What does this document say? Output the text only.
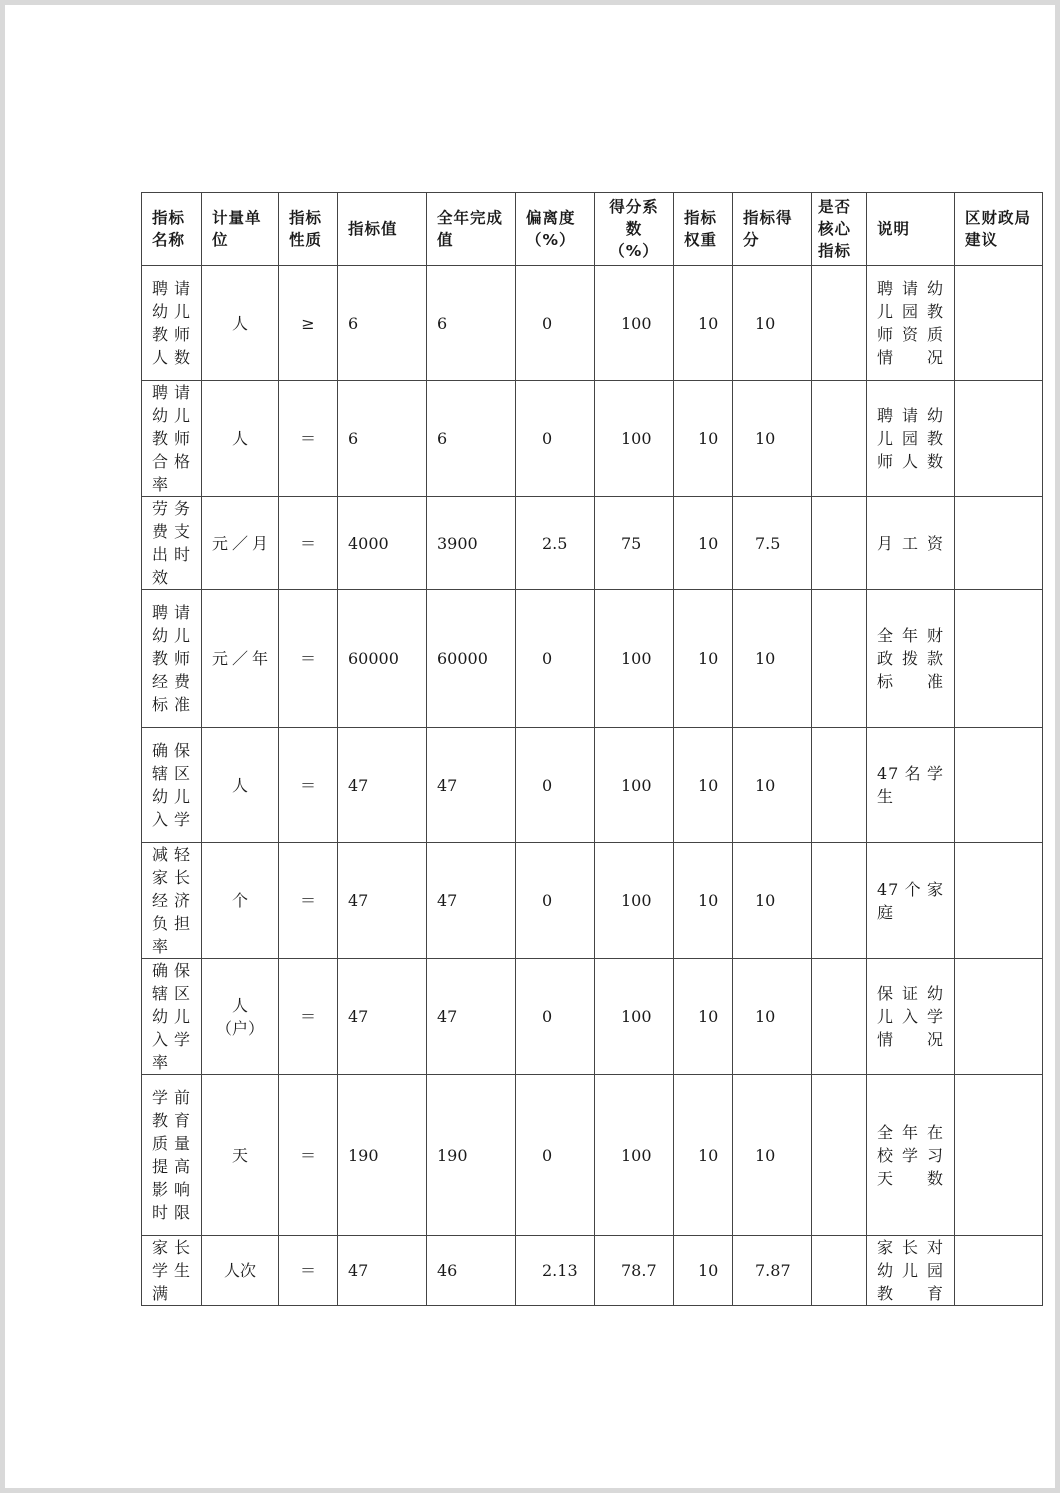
指标名称	计量单位	指标性质	指标值	全年完成值	偏离度（%）	得分系数（%）	指标权重	指标得分	是否核心指标	说明	区财政局建议
聘请幼儿教师人数	人	≥	6	6	0	100	10	10		聘请幼儿园教师资质情况	
聘请幼儿教师合格率	人	＝	6	6	0	100	10	10		聘请幼儿园教师人数	
劳务费支出时效	元／月	＝	4000	3900	2.5	75	10	7.5		月工资	
聘请幼儿教师经费标准	元／年	＝	60000	60000	0	100	10	10		全年财政拨款标准	
确保辖区幼儿入学	人	＝	47	47	0	100	10	10		47名学生	
减轻家长经济负担率	个	＝	47	47	0	100	10	10		47个家庭	
确保辖区幼儿入学率	人（户）	＝	47	47	0	100	10	10		保证幼儿入学情况	
学前教育质量提高影响时限	天	＝	190	190	0	100	10	10		全年在校学习天数	
家长学生满	人次	＝	47	46	2.13	78.7	10	7.87		家长对幼儿园教育	
